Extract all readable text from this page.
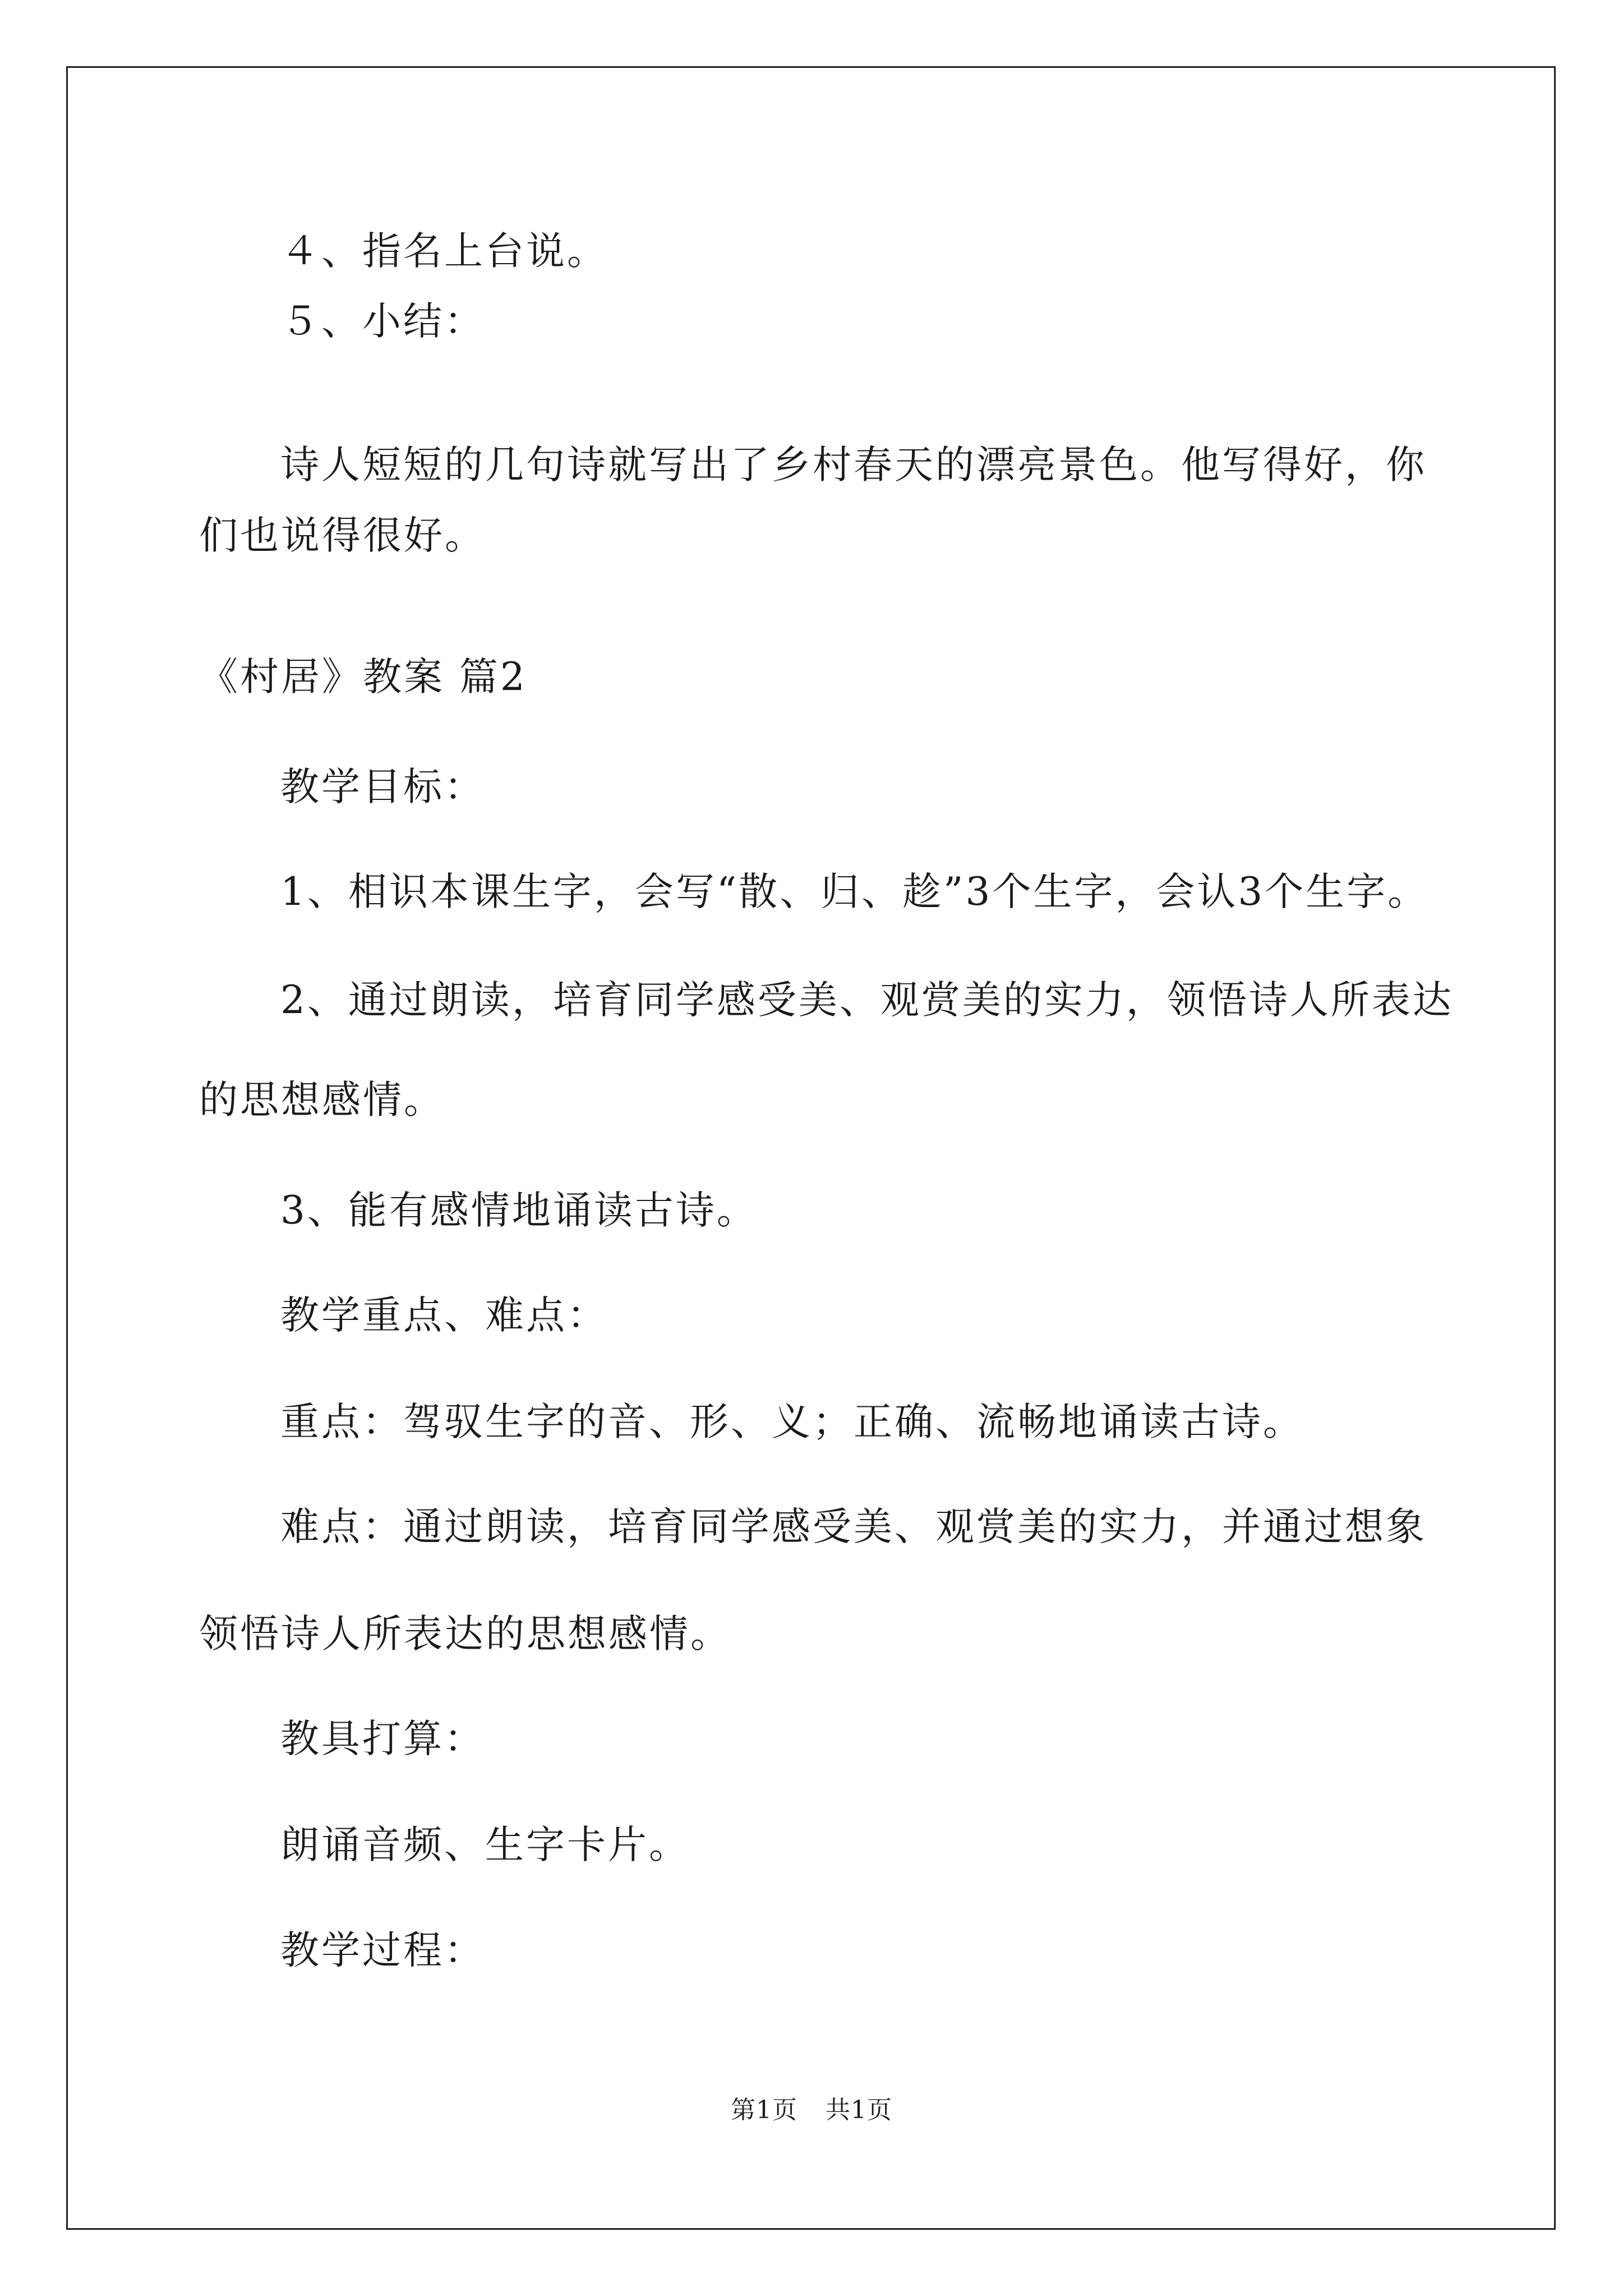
４、指名上台说。
５、小结：
诗人短短的几句诗就写出了乡村春天的漂亮景色。他写得好，你
们也说得很好。
《村居》教案 篇2
教学目标：
1、相识本课生字，会写“散、归、趁”3个生字，会认3个生字。
2、通过朗读，培育同学感受美、观赏美的实力，领悟诗人所表达
的思想感情。
3、能有感情地诵读古诗。
教学重点、难点：
重点：驾驭生字的音、形、义；正确、流畅地诵读古诗。
难点：通过朗读，培育同学感受美、观赏美的实力，并通过想象
领悟诗人所表达的思想感情。
教具打算：
朗诵音频、生字卡片。
教学过程：
第1页 共1页
